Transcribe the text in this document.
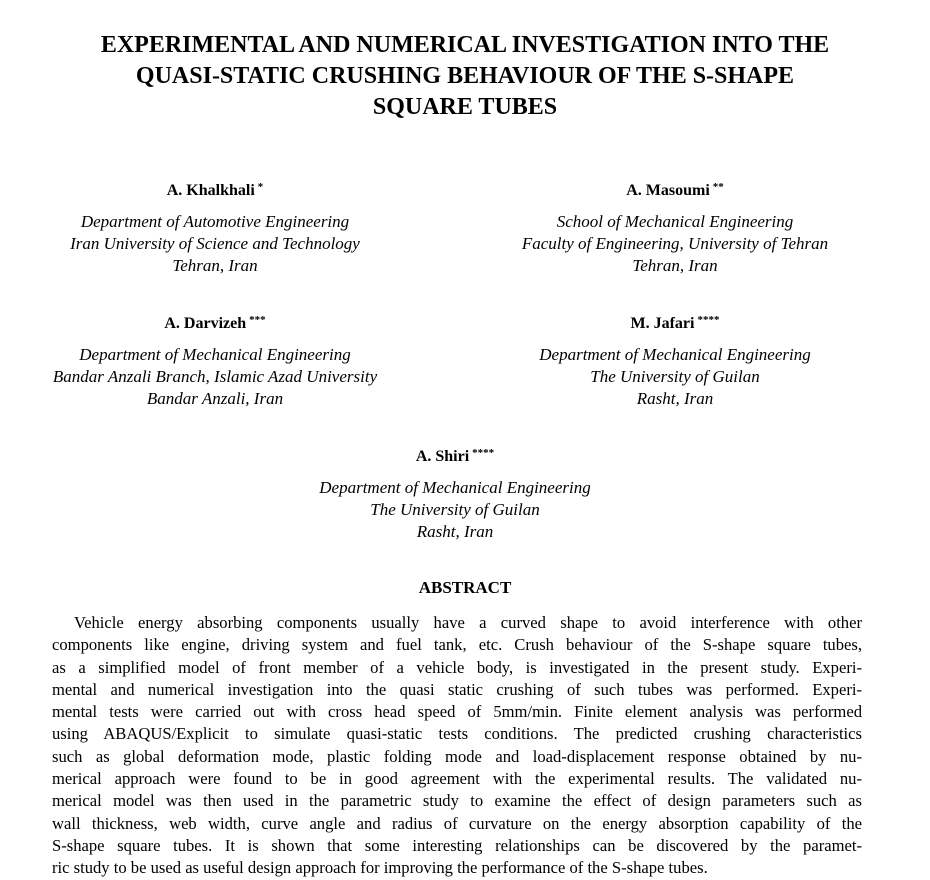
EXPERIMENTAL AND NUMERICAL INVESTIGATION INTO THE
QUASI-STATIC CRUSHING BEHAVIOUR OF THE S-SHAPE
SQUARE TUBES
A. Khalkhali *
Department of Automotive Engineering
Iran University of Science and Technology
Tehran, Iran
A. Masoumi **
School of Mechanical Engineering
Faculty of Engineering, University of Tehran
Tehran, Iran
A. Darvizeh ***
Department of Mechanical Engineering
Bandar Anzali Branch, Islamic Azad University
Bandar Anzali, Iran
M. Jafari ****
Department of Mechanical Engineering
The University of Guilan
Rasht, Iran
A. Shiri ****
Department of Mechanical Engineering
The University of Guilan
Rasht, Iran
ABSTRACT
Vehicle energy absorbing components usually have a curved shape to avoid interference with other
components like engine, driving system and fuel tank, etc. Crush behaviour of the S-shape square tubes,
as a simplified model of front member of a vehicle body, is investigated in the present study. Experi-
mental and numerical investigation into the quasi static crushing of such tubes was performed. Experi-
mental tests were carried out with cross head speed of 5mm/min. Finite element analysis was performed
using ABAQUS/Explicit to simulate quasi-static tests conditions. The predicted crushing characteristics
such as global deformation mode, plastic folding mode and load-displacement response obtained by nu-
merical approach were found to be in good agreement with the experimental results. The validated nu-
merical model was then used in the parametric study to examine the effect of design parameters such as
wall thickness, web width, curve angle and radius of curvature on the energy absorption capability of the
S-shape square tubes. It is shown that some interesting relationships can be discovered by the paramet-
ric study to be used as useful design approach for improving the performance of the S-shape tubes.
